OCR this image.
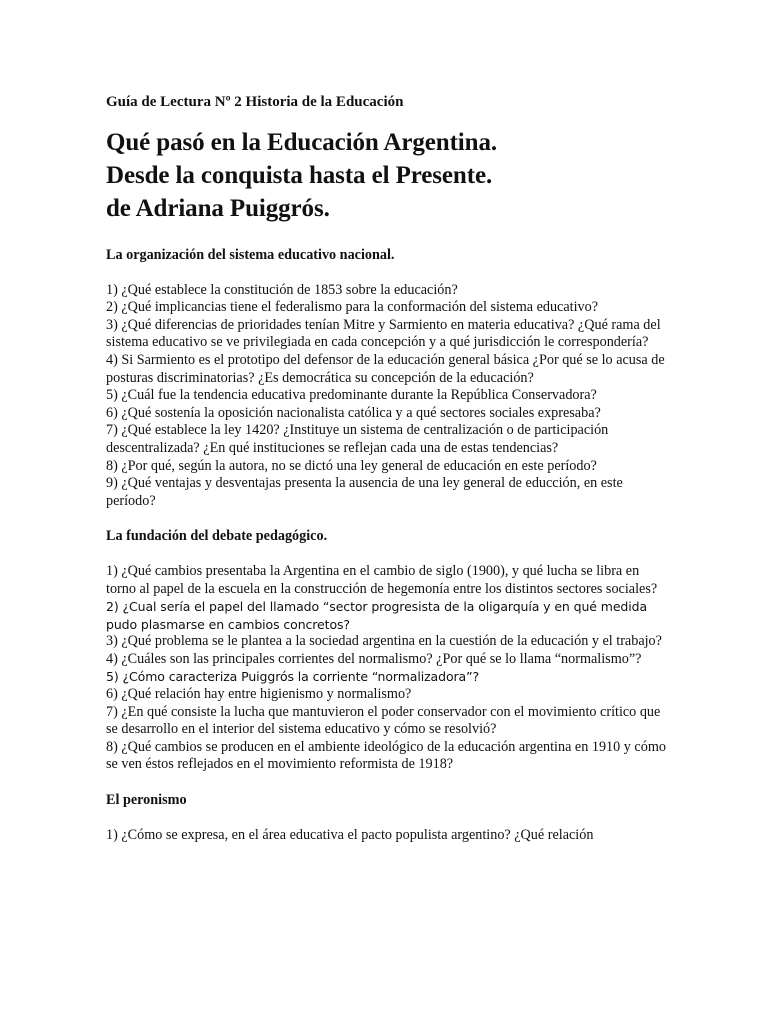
Guía de Lectura Nº 2 Historia de la Educación

Qué pasó en la Educación Argentina.
Desde la conquista hasta el Presente.
de Adriana Puiggrós.
La organización del sistema educativo nacional.

1) ¿Qué establece la constitución de 1853 sobre la educación?

2) ¿Qué implicancias tiene el federalismo para la conformación del sistema educativo?

3) ¿Qué diferencias de prioridades tenían Mitre y Sarmiento en materia educativa? ¿Qué rama del sistema educativo se ve privilegiada en cada concepción y a qué jurisdicción le correspondería?

4) Si Sarmiento es el prototipo del defensor de la educación general básica ¿Por qué se lo acusa de posturas discriminatorias? ¿Es democrática su concepción de la educación?

5) ¿Cuál fue la tendencia educativa predominante durante la República Conservadora?

6) ¿Qué sostenía la oposición nacionalista católica y a qué sectores sociales expresaba?

7) ¿Qué establece la ley 1420? ¿Instituye un sistema de centralización o de participación descentralizada? ¿En qué instituciones se reflejan cada una de estas tendencias?

8) ¿Por qué, según la autora, no se dictó una ley general de educación en este período?

9) ¿Qué ventajas y desventajas presenta la ausencia de una ley general de educción, en este período?

La fundación del debate pedagógico.

1) ¿Qué cambios presentaba la Argentina en el cambio de siglo (1900), y qué lucha se libra en torno al papel de la escuela en la construcción de hegemonía entre los distintos sectores sociales?

2) ¿Cual sería el papel del llamado “sector progresista de la oligarquía y en qué medida pudo plasmarse en cambios concretos?

3) ¿Qué problema se le plantea a la sociedad argentina en la cuestión de la educación y el trabajo?

4) ¿Cuáles son las principales corrientes del normalismo? ¿Por qué se lo llama “normalismo”?

5) ¿Cómo caracteriza Puiggrós la corriente “normalizadora”?

6) ¿Qué relación hay entre higienismo y normalismo?

7) ¿En qué consiste la lucha que mantuvieron el poder conservador con el movimiento crítico que se desarrollo en el interior del sistema educativo y cómo se resolvió?

8) ¿Qué cambios se producen en el ambiente ideológico de la educación argentina en 1910 y cómo se ven éstos reflejados en el movimiento reformista de 1918?

El peronismo

1) ¿Cómo se expresa, en el área educativa el pacto populista argentino? ¿Qué relación
